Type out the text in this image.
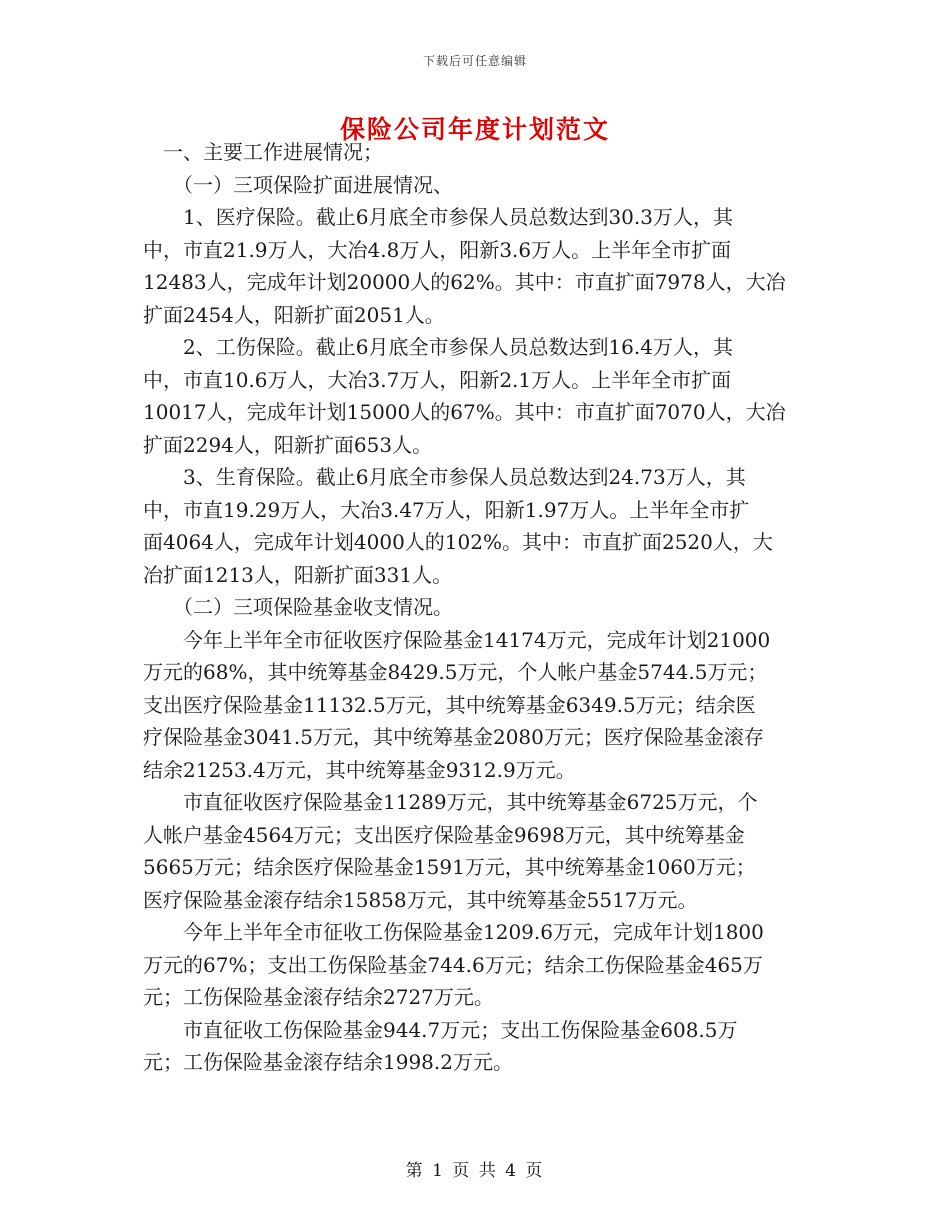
下载后可任意编辑
保险公司年度计划范文
　一、主要工作进展情况；
　　（一）三项保险扩面进展情况、
　　1、医疗保险。截止6月底全市参保人员总数达到30.3万人，其
中，市直21.9万人，大冶4.8万人，阳新3.6万人。上半年全市扩面
12483人，完成年计划20000人的62%。其中：市直扩面7978人，大冶
扩面2454人，阳新扩面2051人。
　　2、工伤保险。截止6月底全市参保人员总数达到16.4万人，其
中，市直10.6万人，大冶3.7万人，阳新2.1万人。上半年全市扩面
10017人，完成年计划15000人的67%。其中：市直扩面7070人，大冶
扩面2294人，阳新扩面653人。
　　3、生育保险。截止6月底全市参保人员总数达到24.73万人，其
中，市直19.29万人，大冶3.47万人，阳新1.97万人。上半年全市扩
面4064人，完成年计划4000人的102%。其中：市直扩面2520人，大
冶扩面1213人，阳新扩面331人。
　　（二）三项保险基金收支情况。
　　今年上半年全市征收医疗保险基金14174万元，完成年计划21000
万元的68%，其中统筹基金8429.5万元，个人帐户基金5744.5万元；
支出医疗保险基金11132.5万元，其中统筹基金6349.5万元；结余医
疗保险基金3041.5万元，其中统筹基金2080万元；医疗保险基金滚存
结余21253.4万元，其中统筹基金9312.9万元。
　　市直征收医疗保险基金11289万元，其中统筹基金6725万元，个
人帐户基金4564万元；支出医疗保险基金9698万元，其中统筹基金
5665万元；结余医疗保险基金1591万元，其中统筹基金1060万元；
医疗保险基金滚存结余15858万元，其中统筹基金5517万元。
　　今年上半年全市征收工伤保险基金1209.6万元，完成年计划1800
万元的67%；支出工伤保险基金744.6万元；结余工伤保险基金465万
元；工伤保险基金滚存结余2727万元。
　　市直征收工伤保险基金944.7万元；支出工伤保险基金608.5万
元；工伤保险基金滚存结余1998.2万元。
第 1 页 共 4 页
